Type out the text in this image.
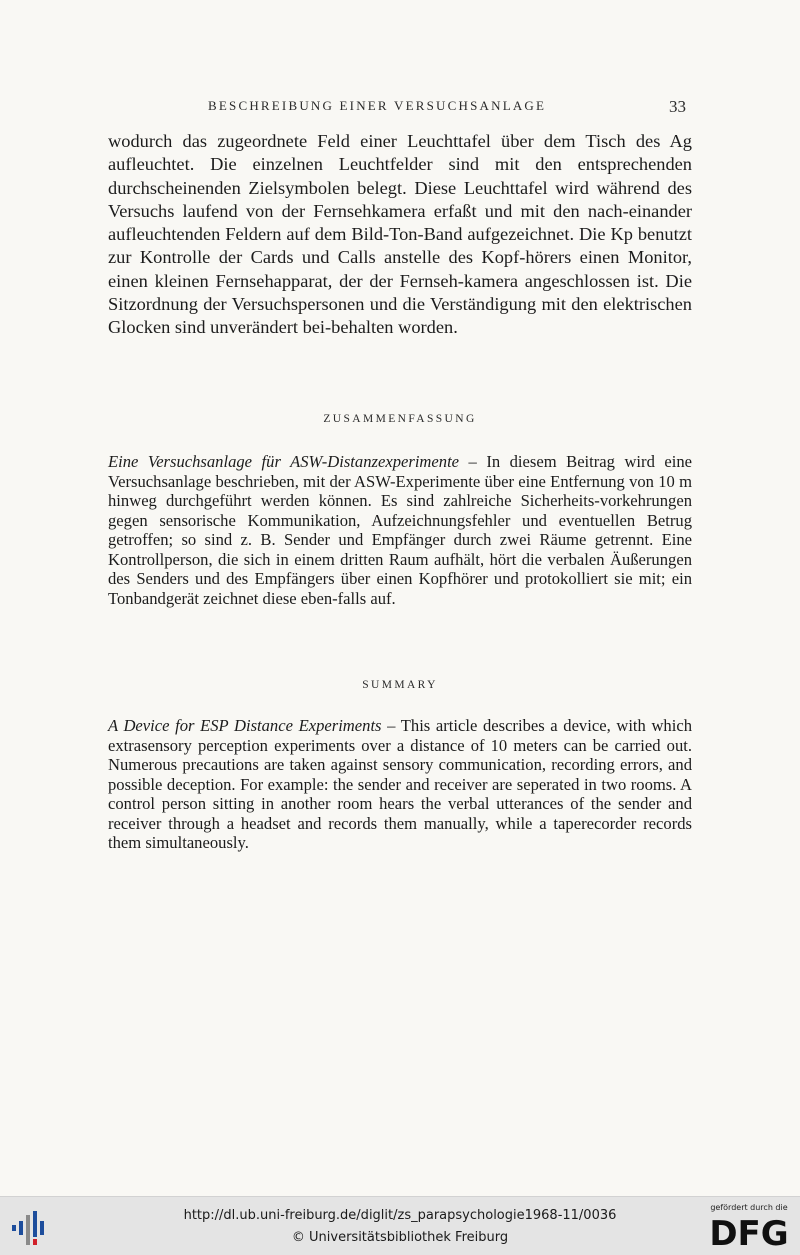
BESCHREIBUNG EINER VERSUCHSANLAGE	33

wodurch das zugeordnete Feld einer Leuchttafel über dem Tisch des Ag aufleuchtet. Die einzelnen Leuchtfelder sind mit den entsprechenden durchscheinenden Zielsymbolen belegt. Diese Leuchttafel wird während des Versuchs laufend von der Fernsehkamera erfaßt und mit den nach-einander aufleuchtenden Feldern auf dem Bild-Ton-Band aufgezeichnet. Die Kp benutzt zur Kontrolle der Cards und Calls anstelle des Kopf-hörers einen Monitor, einen kleinen Fernsehapparat, der der Fernseh-kamera angeschlossen ist. Die Sitzordnung der Versuchspersonen und die Verständigung mit den elektrischen Glocken sind unverändert bei-behalten worden.

ZUSAMMENFASSUNG

Eine Versuchsanlage für ASW-Distanzexperimente – In diesem Beitrag wird eine Versuchsanlage beschrieben, mit der ASW-Experimente über eine Entfernung von 10 m hinweg durchgeführt werden können. Es sind zahlreiche Sicherheits-vorkehrungen gegen sensorische Kommunikation, Aufzeichnungsfehler und eventuellen Betrug getroffen; so sind z. B. Sender und Empfänger durch zwei Räume getrennt. Eine Kontrollperson, die sich in einem dritten Raum aufhält, hört die verbalen Äußerungen des Senders und des Empfängers über einen Kopfhörer und protokolliert sie mit; ein Tonbandgerät zeichnet diese eben-falls auf.

SUMMARY

A Device for ESP Distance Experiments – This article describes a device, with which extrasensory perception experiments over a distance of 10 meters can be carried out. Numerous precautions are taken against sensory communication, recording errors, and possible deception. For example: the sender and receiver are seperated in two rooms. A control person sitting in another room hears the verbal utterances of the sender and receiver through a headset and records them manually, while a taperecorder records them simultaneously.

http://dl.ub.uni-freiburg.de/diglit/zs_parapsychologie1968-11/0036
© Universitätsbibliothek Freiburg
gefördert durch die
DFG
